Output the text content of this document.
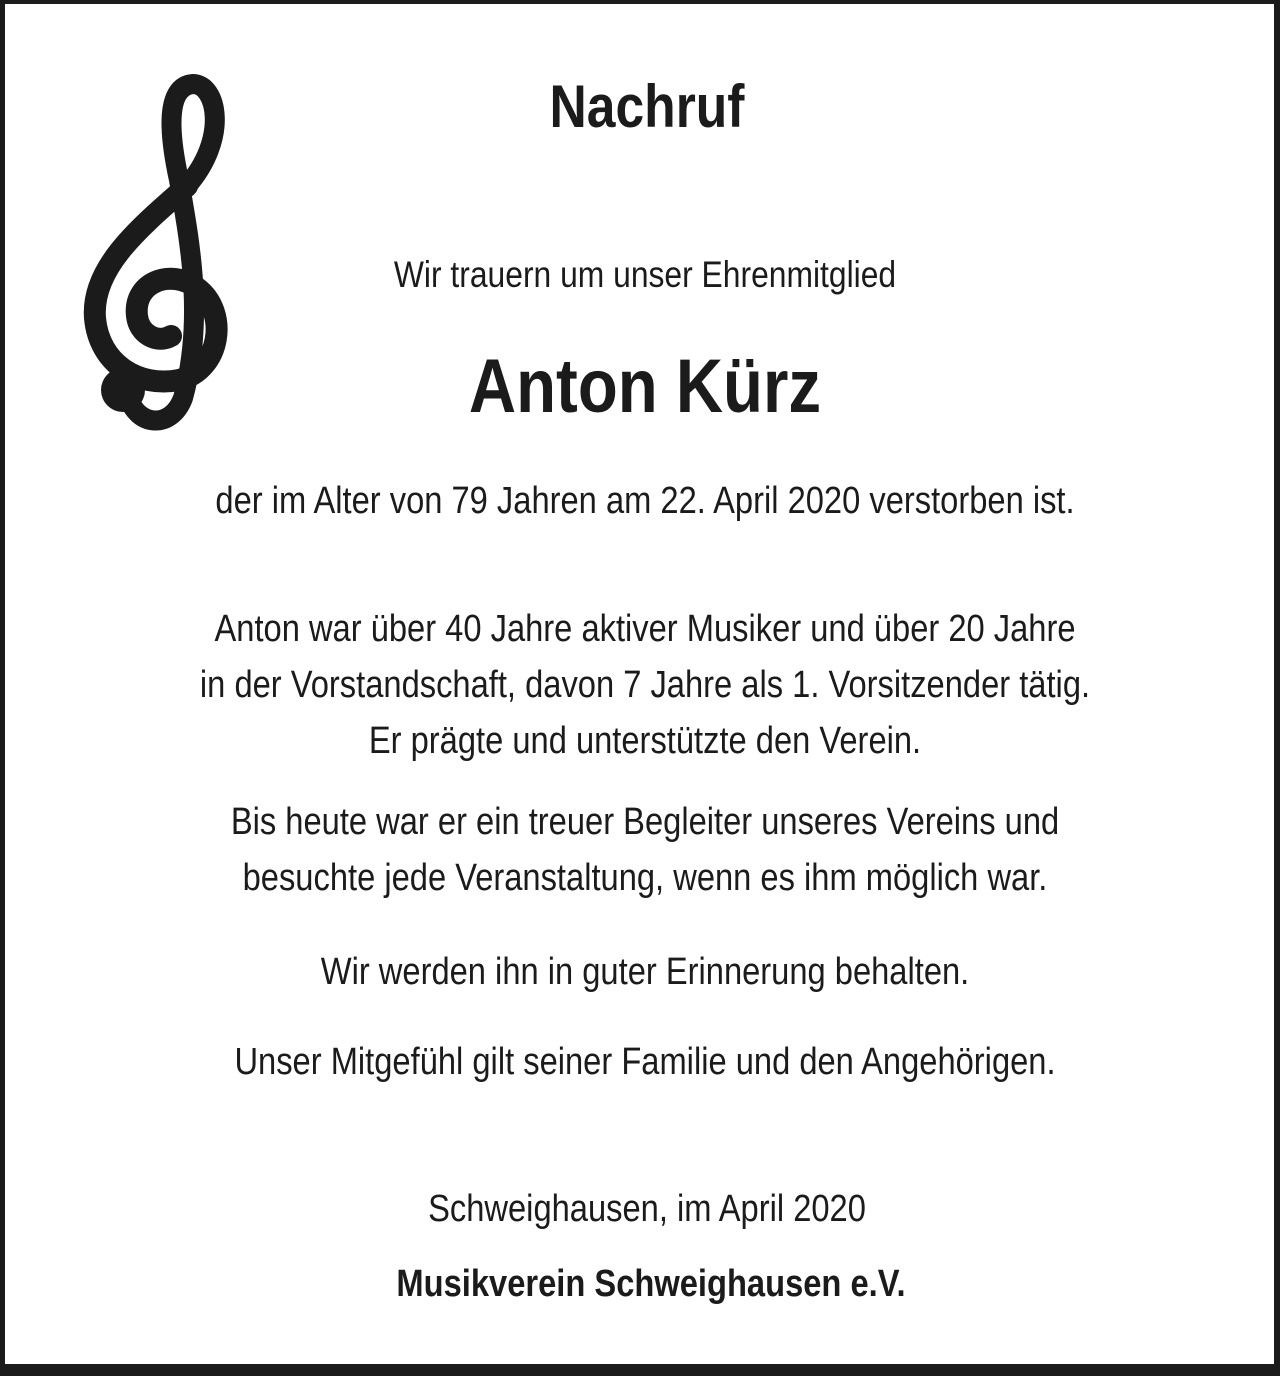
Nachruf
Wir trauern um unser Ehrenmitglied
Anton Kürz
der im Alter von 79 Jahren am 22. April 2020 verstorben ist.
Anton war über 40 Jahre aktiver Musiker und über 20 Jahre
in der Vorstandschaft, davon 7 Jahre als 1. Vorsitzender tätig.
Er prägte und unterstützte den Verein.
Bis heute war er ein treuer Begleiter unseres Vereins und
besuchte jede Veranstaltung, wenn es ihm möglich war.
Wir werden ihn in guter Erinnerung behalten.
Unser Mitgefühl gilt seiner Familie und den Angehörigen.
Schweighausen, im April 2020
Musikverein Schweighausen e.V.
